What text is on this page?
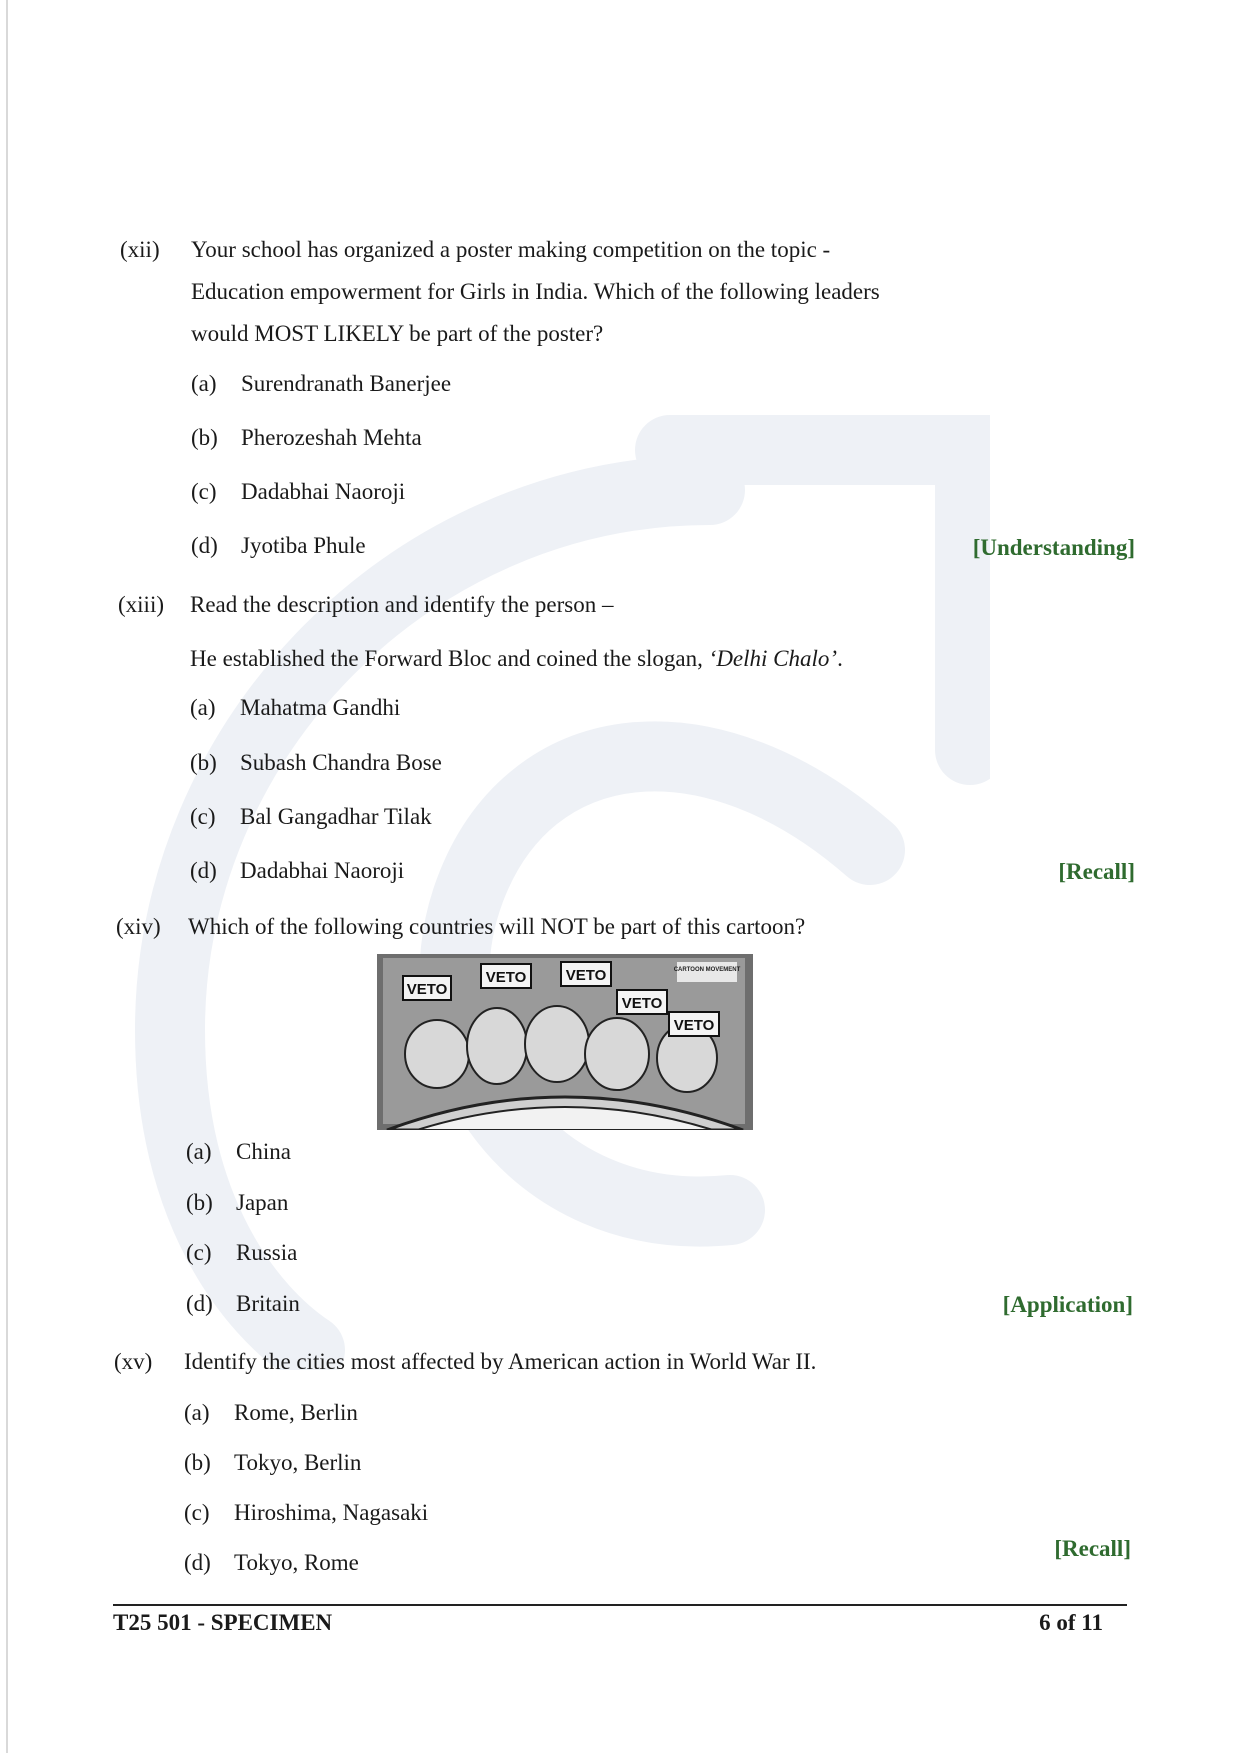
(xii) Your school has organized a poster making competition on the topic -
Education empowerment for Girls in India. Which of the following leaders
would MOST LIKELY be part of the poster?
(a)	Surendranath Banerjee
(b)	Pherozeshah Mehta
(c)	Dadabhai Naoroji
(d)	Jyotiba Phule	[Understanding]
(xiii) Read the description and identify the person –
He established the Forward Bloc and coined the slogan, ‘Delhi Chalo’.
(a)	Mahatma Gandhi
(b)	Subash Chandra Bose
(c)	Bal Gangadhar Tilak
(d)	Dadabhai Naoroji	[Recall]
(xiv) Which of the following countries will NOT be part of this cartoon?
CARTOON MOVEMENT
VETO
VETO	VETO
VETO
VETO
(a)	China
(b)	Japan
(c)	Russia
(d)	Britain	[Application]
(xv) Identify the cities most affected by American action in World War II.
(a)	Rome, Berlin
(b)	Tokyo, Berlin
(c)	Hiroshima, Nagasaki
(d)	Tokyo, Rome
[Recall]
T25 501 - SPECIMEN	6 of 11
